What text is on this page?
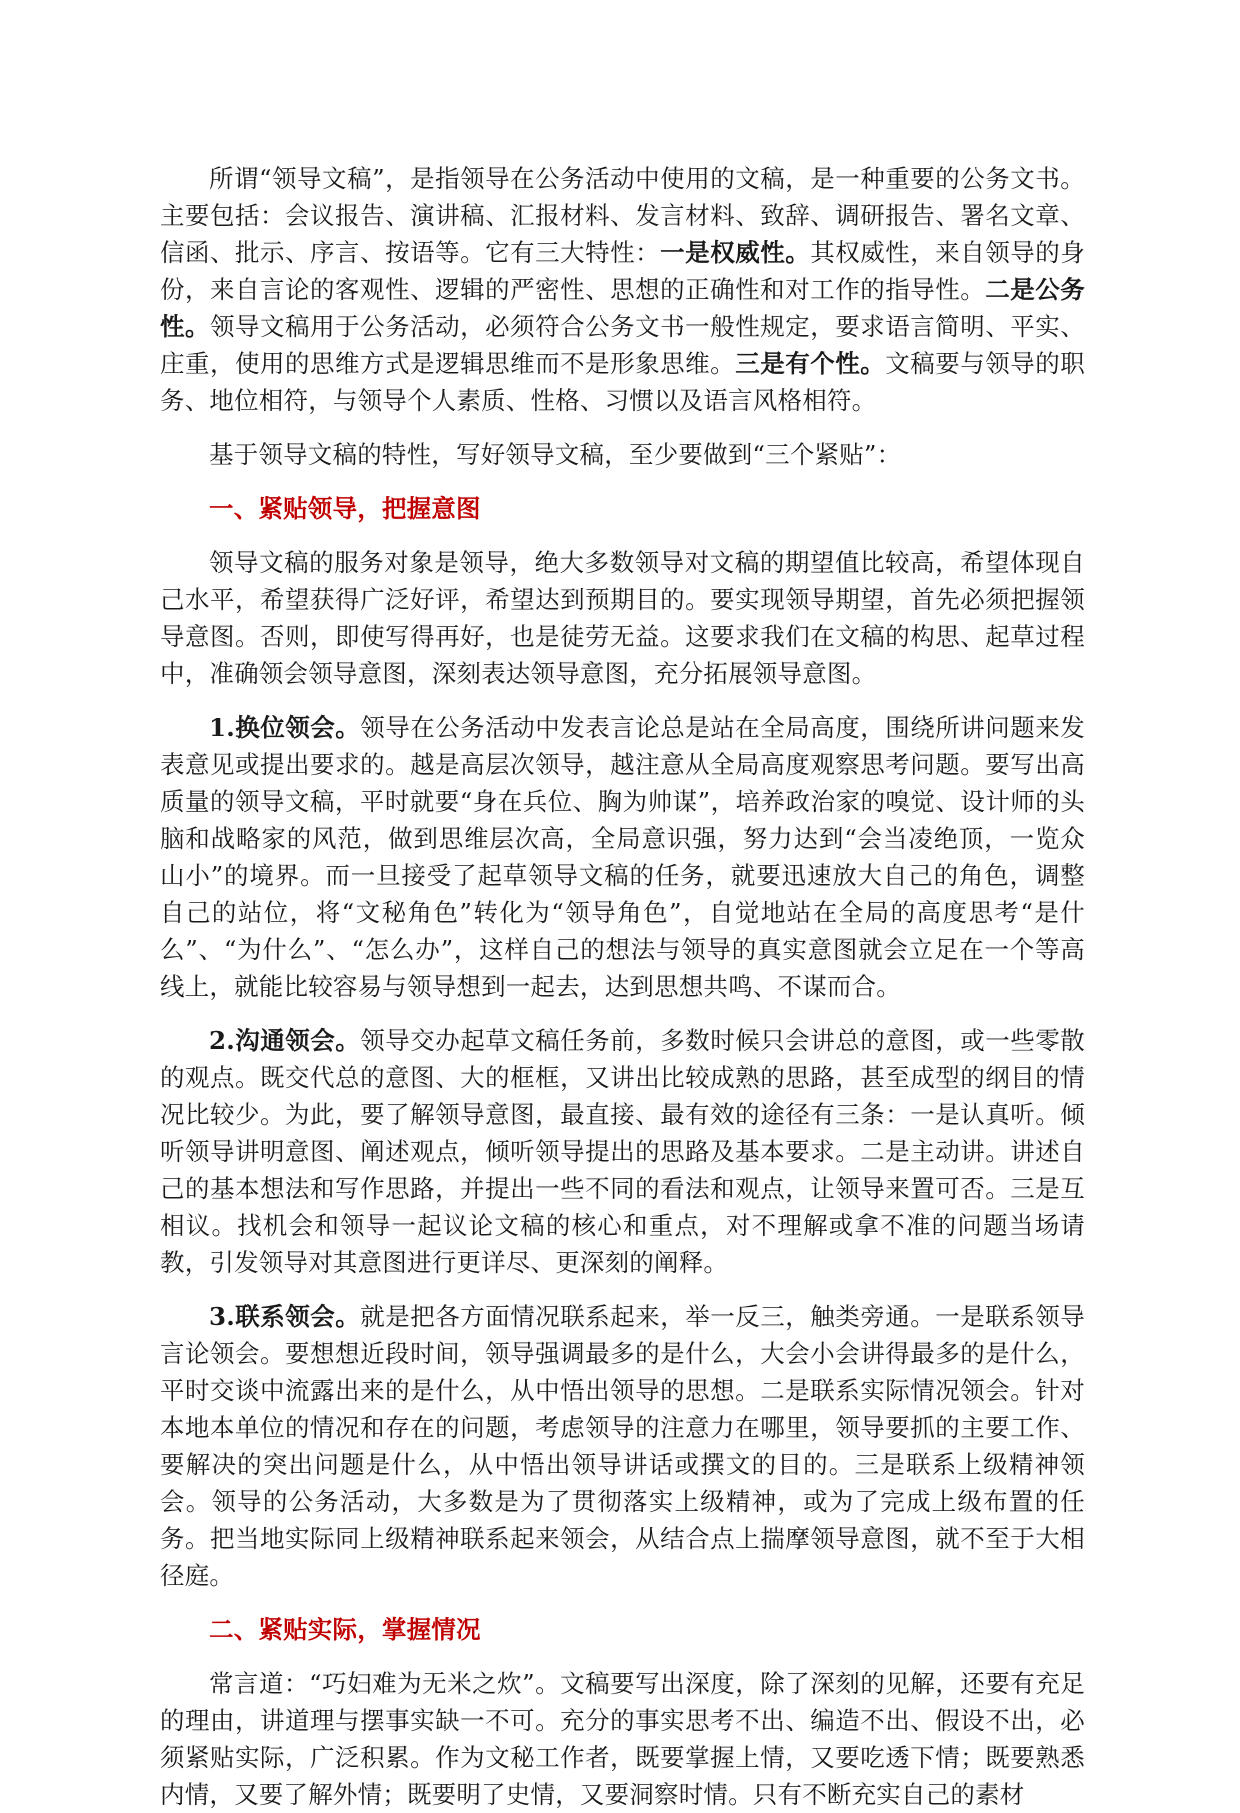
所谓“领导文稿”，是指领导在公务活动中使用的文稿，是一种重要的公务文书。主要包括：会议报告、演讲稿、汇报材料、发言材料、致辞、调研报告、署名文章、信函、批示、序言、按语等。它有三大特性：一是权威性。其权威性，来自领导的身份，来自言论的客观性、逻辑的严密性、思想的正确性和对工作的指导性。二是公务性。领导文稿用于公务活动，必须符合公务文书一般性规定，要求语言简明、平实、庄重，使用的思维方式是逻辑思维而不是形象思维。三是有个性。文稿要与领导的职务、地位相符，与领导个人素质、性格、习惯以及语言风格相符。

基于领导文稿的特性，写好领导文稿，至少要做到“三个紧贴”：

一、紧贴领导，把握意图

领导文稿的服务对象是领导，绝大多数领导对文稿的期望值比较高，希望体现自己水平，希望获得广泛好评，希望达到预期目的。要实现领导期望，首先必须把握领导意图。否则，即使写得再好，也是徒劳无益。这要求我们在文稿的构思、起草过程中，准确领会领导意图，深刻表达领导意图，充分拓展领导意图。

1.换位领会。领导在公务活动中发表言论总是站在全局高度，围绕所讲问题来发表意见或提出要求的。越是高层次领导，越注意从全局高度观察思考问题。要写出高质量的领导文稿，平时就要“身在兵位、胸为帅谋”，培养政治家的嗅觉、设计师的头脑和战略家的风范，做到思维层次高，全局意识强，努力达到“会当凌绝顶，一览众山小”的境界。而一旦接受了起草领导文稿的任务，就要迅速放大自己的角色，调整自己的站位，将“文秘角色”转化为“领导角色”，自觉地站在全局的高度思考“是什么”、“为什么”、“怎么办”，这样自己的想法与领导的真实意图就会立足在一个等高线上，就能比较容易与领导想到一起去，达到思想共鸣、不谋而合。

2.沟通领会。领导交办起草文稿任务前，多数时候只会讲总的意图，或一些零散的观点。既交代总的意图、大的框框，又讲出比较成熟的思路，甚至成型的纲目的情况比较少。为此，要了解领导意图，最直接、最有效的途径有三条：一是认真听。倾听领导讲明意图、阐述观点，倾听领导提出的思路及基本要求。二是主动讲。讲述自己的基本想法和写作思路，并提出一些不同的看法和观点，让领导来置可否。三是互相议。找机会和领导一起议论文稿的核心和重点，对不理解或拿不准的问题当场请教，引发领导对其意图进行更详尽、更深刻的阐释。

3.联系领会。就是把各方面情况联系起来，举一反三，触类旁通。一是联系领导言论领会。要想想近段时间，领导强调最多的是什么，大会小会讲得最多的是什么，平时交谈中流露出来的是什么，从中悟出领导的思想。二是联系实际情况领会。针对本地本单位的情况和存在的问题，考虑领导的注意力在哪里，领导要抓的主要工作、要解决的突出问题是什么，从中悟出领导讲话或撰文的目的。三是联系上级精神领会。领导的公务活动，大多数是为了贯彻落实上级精神，或为了完成上级布置的任务。把当地实际同上级精神联系起来领会，从结合点上揣摩领导意图，就不至于大相径庭。

二、紧贴实际，掌握情况

常言道：“巧妇难为无米之炊”。文稿要写出深度，除了深刻的见解，还要有充足的理由，讲道理与摆事实缺一不可。充分的事实思考不出、编造不出、假设不出，必须紧贴实际，广泛积累。作为文秘工作者，既要掌握上情，又要吃透下情；既要熟悉内情，又要了解外情；既要明了史情，又要洞察时情。只有不断充实自己的素材
